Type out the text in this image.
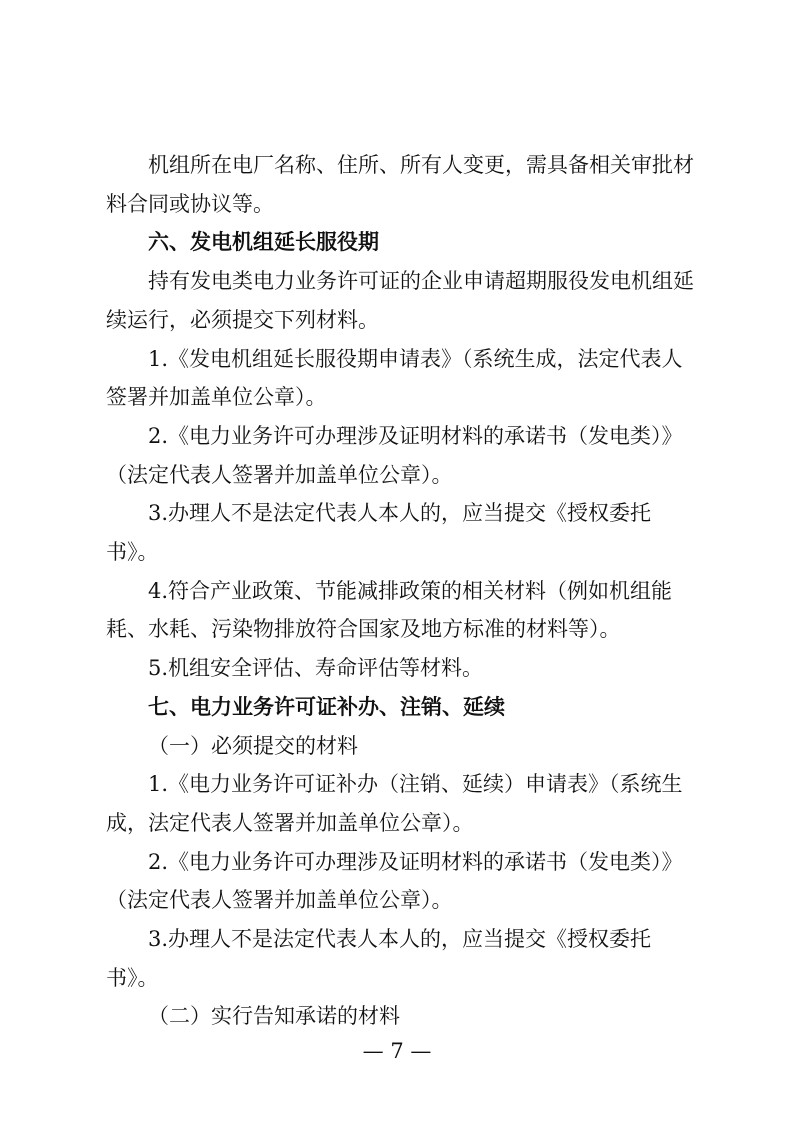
机组所在电厂名称、住所、所有人变更，需具备相关审批材料合同或协议等。

六、发电机组延长服役期

持有发电类电力业务许可证的企业申请超期服役发电机组延续运行，必须提交下列材料。

1.《发电机组延长服役期申请表》（系统生成，法定代表人签署并加盖单位公章）。

2.《电力业务许可办理涉及证明材料的承诺书（发电类）》（法定代表人签署并加盖单位公章）。

3.办理人不是法定代表人本人的，应当提交《授权委托书》。

4.符合产业政策、节能减排政策的相关材料（例如机组能耗、水耗、污染物排放符合国家及地方标准的材料等）。

5.机组安全评估、寿命评估等材料。

七、电力业务许可证补办、注销、延续

（一）必须提交的材料

1.《电力业务许可证补办（注销、延续）申请表》（系统生成，法定代表人签署并加盖单位公章）。

2.《电力业务许可办理涉及证明材料的承诺书（发电类）》（法定代表人签署并加盖单位公章）。

3.办理人不是法定代表人本人的，应当提交《授权委托书》。

（二）实行告知承诺的材料

— 7 —
